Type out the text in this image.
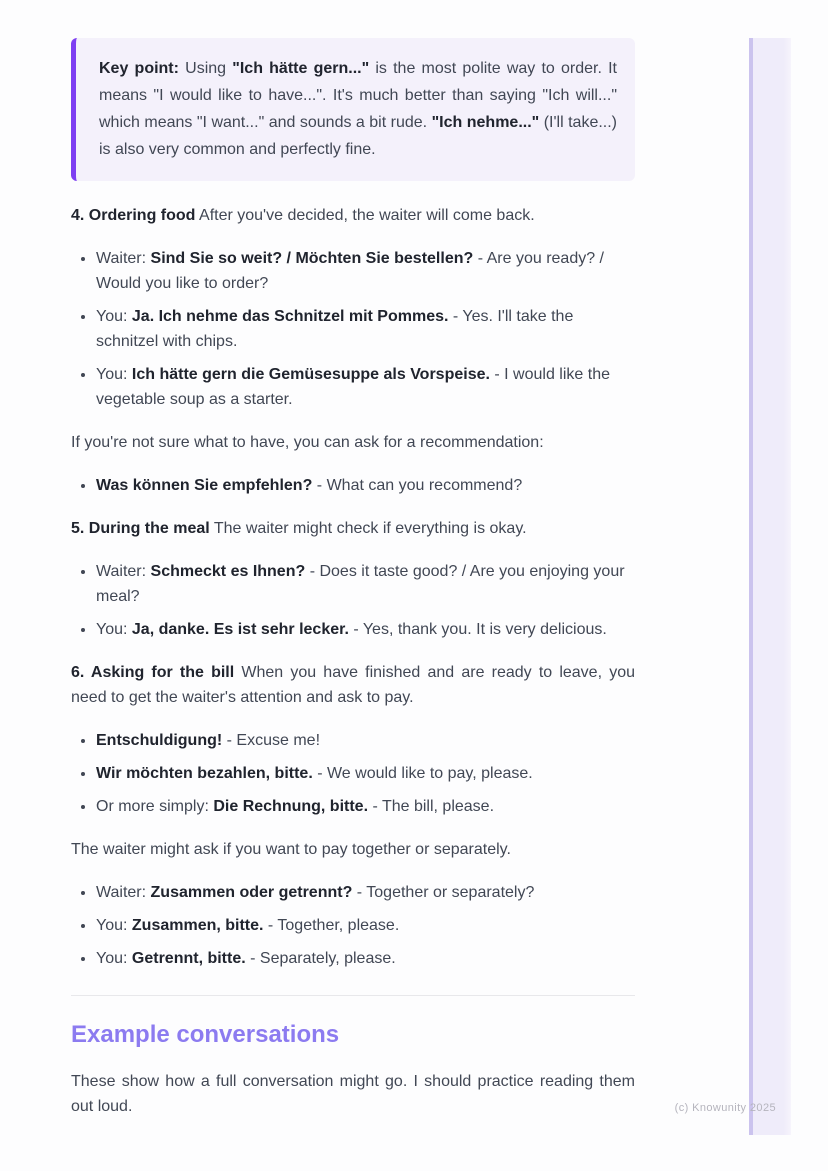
Key point: Using "Ich hätte gern..." is the most polite way to order. It means "I would like to have...". It's much better than saying "Ich will..." which means "I want..." and sounds a bit rude. "Ich nehme..." (I'll take...) is also very common and perfectly fine.

4. Ordering food After you've decided, the waiter will come back.

• Waiter: Sind Sie so weit? / Möchten Sie bestellen? - Are you ready? / Would you like to order?
• You: Ja. Ich nehme das Schnitzel mit Pommes. - Yes. I'll take the schnitzel with chips.
• You: Ich hätte gern die Gemüsesuppe als Vorspeise. - I would like the vegetable soup as a starter.

If you're not sure what to have, you can ask for a recommendation:

• Was können Sie empfehlen? - What can you recommend?

5. During the meal The waiter might check if everything is okay.

• Waiter: Schmeckt es Ihnen? - Does it taste good? / Are you enjoying your meal?
• You: Ja, danke. Es ist sehr lecker. - Yes, thank you. It is very delicious.

6. Asking for the bill When you have finished and are ready to leave, you need to get the waiter's attention and ask to pay.

• Entschuldigung! - Excuse me!
• Wir möchten bezahlen, bitte. - We would like to pay, please.
• Or more simply: Die Rechnung, bitte. - The bill, please.

The waiter might ask if you want to pay together or separately.

• Waiter: Zusammen oder getrennt? - Together or separately?
• You: Zusammen, bitte. - Together, please.
• You: Getrennt, bitte. - Separately, please.
Example conversations

These show how a full conversation might go. I should practice reading them out loud.	(c) Knowunity 2025
